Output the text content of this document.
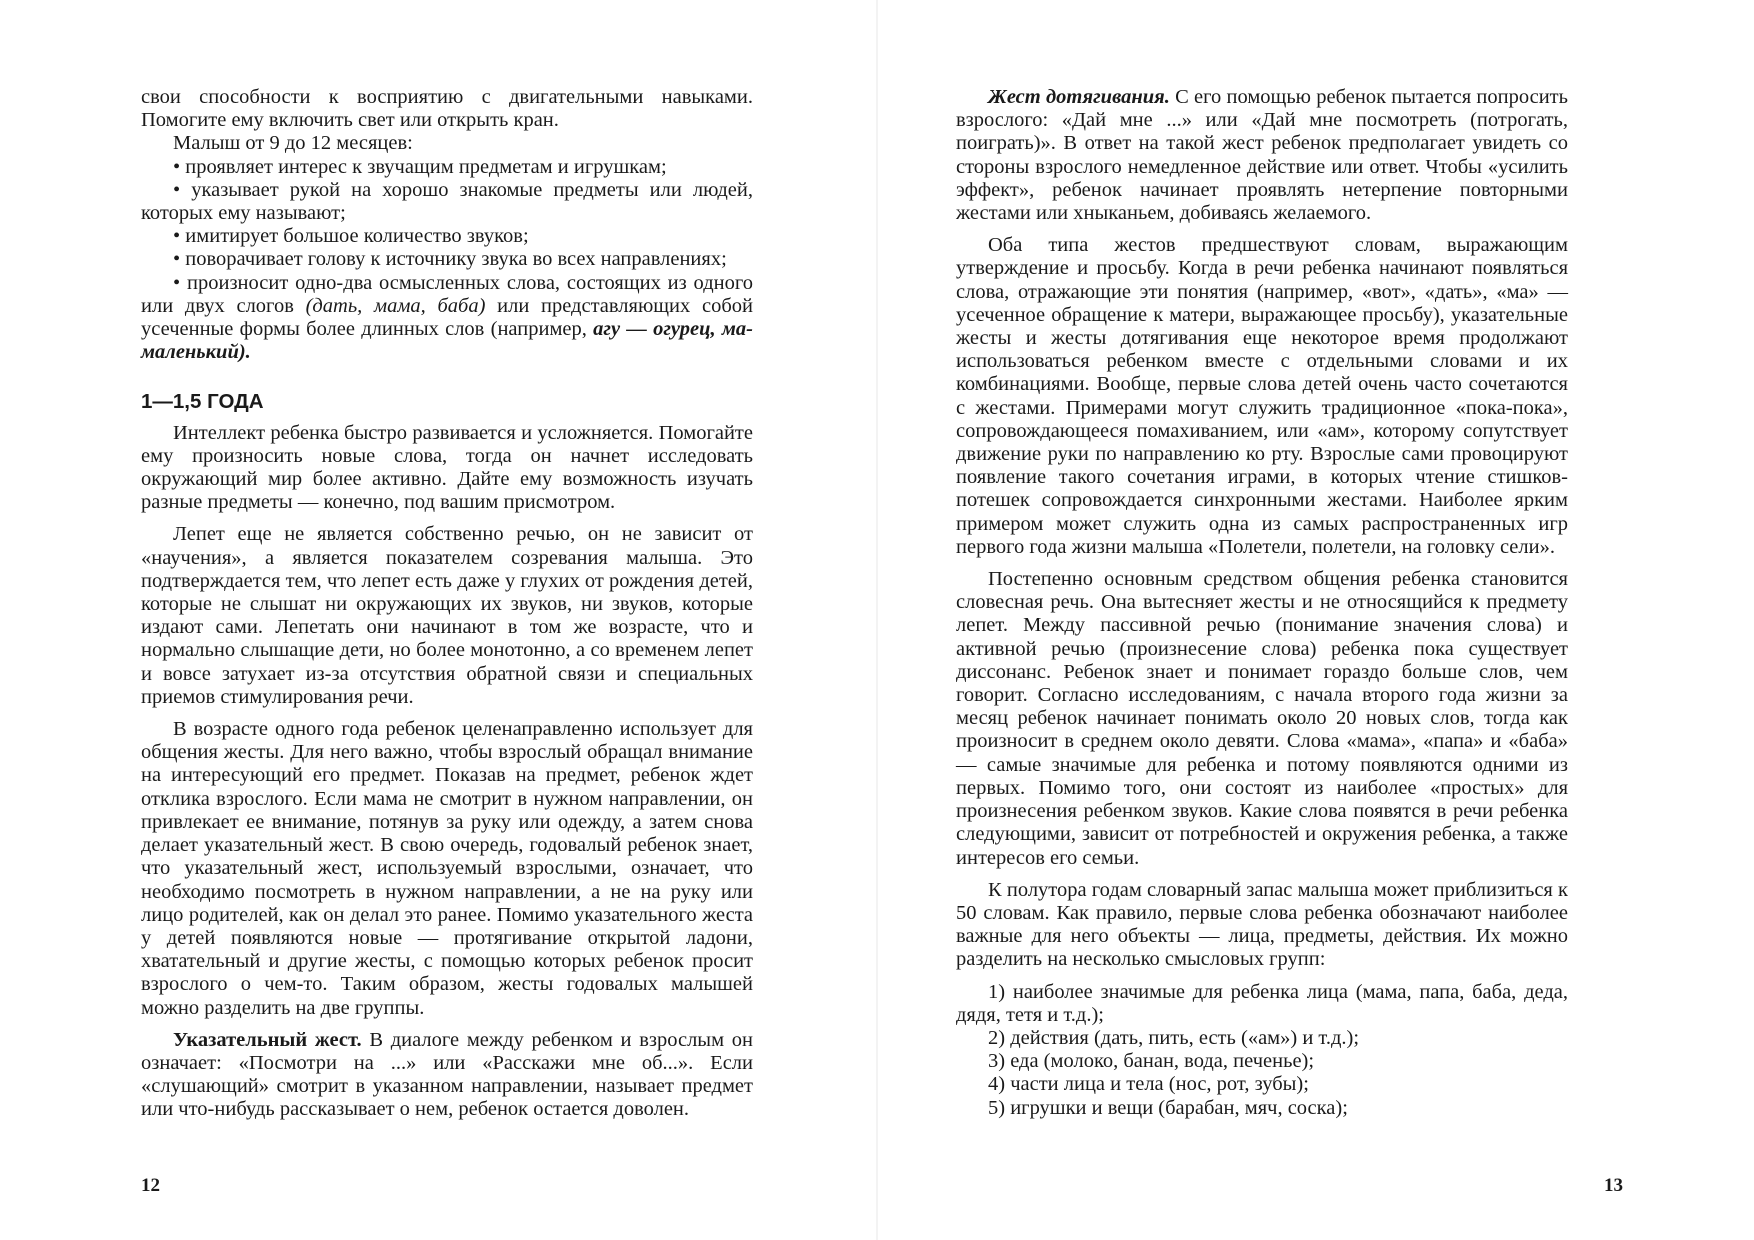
свои способности к восприятию с двигательными навыками. Помогите ему включить свет или открыть кран.

Малыш от 9 до 12 месяцев:

• проявляет интерес к звучащим предметам и игрушкам;

• указывает рукой на хорошо знакомые предметы или людей, которых ему называют;

• имитирует большое количество звуков;

• поворачивает голову к источнику звука во всех направлениях;

• произносит одно-два осмысленных слова, состоящих из одного или двух слогов (дать, мама, баба) или представляющих собой усеченные формы более длинных слов (например, агу — огурец, ма-маленький).

1—1,5 ГОДА

Интеллект ребенка быстро развивается и усложняется. Помогайте ему произносить новые слова, тогда он начнет исследовать окружающий мир более активно. Дайте ему возможность изучать разные предметы — конечно, под вашим присмотром.

Лепет еще не является собственно речью, он не зависит от «научения», а является показателем созревания малыша. Это подтверждается тем, что лепет есть даже у глухих от рождения детей, которые не слышат ни окружающих их звуков, ни звуков, которые издают сами. Лепетать они начинают в том же возрасте, что и нормально слышащие дети, но более монотонно, а со временем лепет и вовсе затухает из-за отсутствия обратной связи и специальных приемов стимулирования речи.

В возрасте одного года ребенок целенаправленно использует для общения жесты. Для него важно, чтобы взрослый обращал внимание на интересующий его предмет. Показав на предмет, ребенок ждет отклика взрослого. Если мама не смотрит в нужном направлении, он привлекает ее внимание, потянув за руку или одежду, а затем снова делает указательный жест. В свою очередь, годовалый ребенок знает, что указательный жест, используемый взрослыми, означает, что необходимо посмотреть в нужном направлении, а не на руку или лицо родителей, как он делал это ранее. Помимо указательного жеста у детей появляются новые — протягивание открытой ладони, хватательный и другие жесты, с помощью которых ребенок просит взрослого о чем-то. Таким образом, жесты годовалых малышей можно разделить на две группы.

Указательный жест. В диалоге между ребенком и взрослым он означает: «Посмотри на ...» или «Расскажи мне об...». Если «слушающий» смотрит в указанном направлении, называет предмет или что-нибудь рассказывает о нем, ребенок остается доволен.

12

Жест дотягивания. С его помощью ребенок пытается попросить взрослого: «Дай мне ...» или «Дай мне посмотреть (потрогать, поиграть)». В ответ на такой жест ребенок предполагает увидеть со стороны взрослого немедленное действие или ответ. Чтобы «усилить эффект», ребенок начинает проявлять нетерпение повторными жестами или хныканьем, добиваясь желаемого.

Оба типа жестов предшествуют словам, выражающим утверждение и просьбу. Когда в речи ребенка начинают появляться слова, отражающие эти понятия (например, «вот», «дать», «ма» — усеченное обращение к матери, выражающее просьбу), указательные жесты и жесты дотягивания еще некоторое время продолжают использоваться ребенком вместе с отдельными словами и их комбинациями. Вообще, первые слова детей очень часто сочетаются с жестами. Примерами могут служить традиционное «пока-пока», сопровождающееся помахиванием, или «ам», которому сопутствует движение руки по направлению ко рту. Взрослые сами провоцируют появление такого сочетания играми, в которых чтение стишков-потешек сопровождается синхронными жестами. Наиболее ярким примером может служить одна из самых распространенных игр первого года жизни малыша «Полетели, полетели, на головку сели».

Постепенно основным средством общения ребенка становится словесная речь. Она вытесняет жесты и не относящийся к предмету лепет. Между пассивной речью (понимание значения слова) и активной речью (произнесение слова) ребенка пока существует диссонанс. Ребенок знает и понимает гораздо больше слов, чем говорит. Согласно исследованиям, с начала второго года жизни за месяц ребенок начинает понимать около 20 новых слов, тогда как произносит в среднем около девяти. Слова «мама», «папа» и «баба» — самые значимые для ребенка и потому появляются одними из первых. Помимо того, они состоят из наиболее «простых» для произнесения ребенком звуков. Какие слова появятся в речи ребенка следующими, зависит от потребностей и окружения ребенка, а также интересов его семьи.

К полутора годам словарный запас малыша может приблизиться к 50 словам. Как правило, первые слова ребенка обозначают наиболее важные для него объекты — лица, предметы, действия. Их можно разделить на несколько смысловых групп:

1) наиболее значимые для ребенка лица (мама, папа, баба, деда, дядя, тетя и т.д.);

2) действия (дать, пить, есть («ам») и т.д.);

3) еда (молоко, банан, вода, печенье);

4) части лица и тела (нос, рот, зубы);

5) игрушки и вещи (барабан, мяч, соска);

13
